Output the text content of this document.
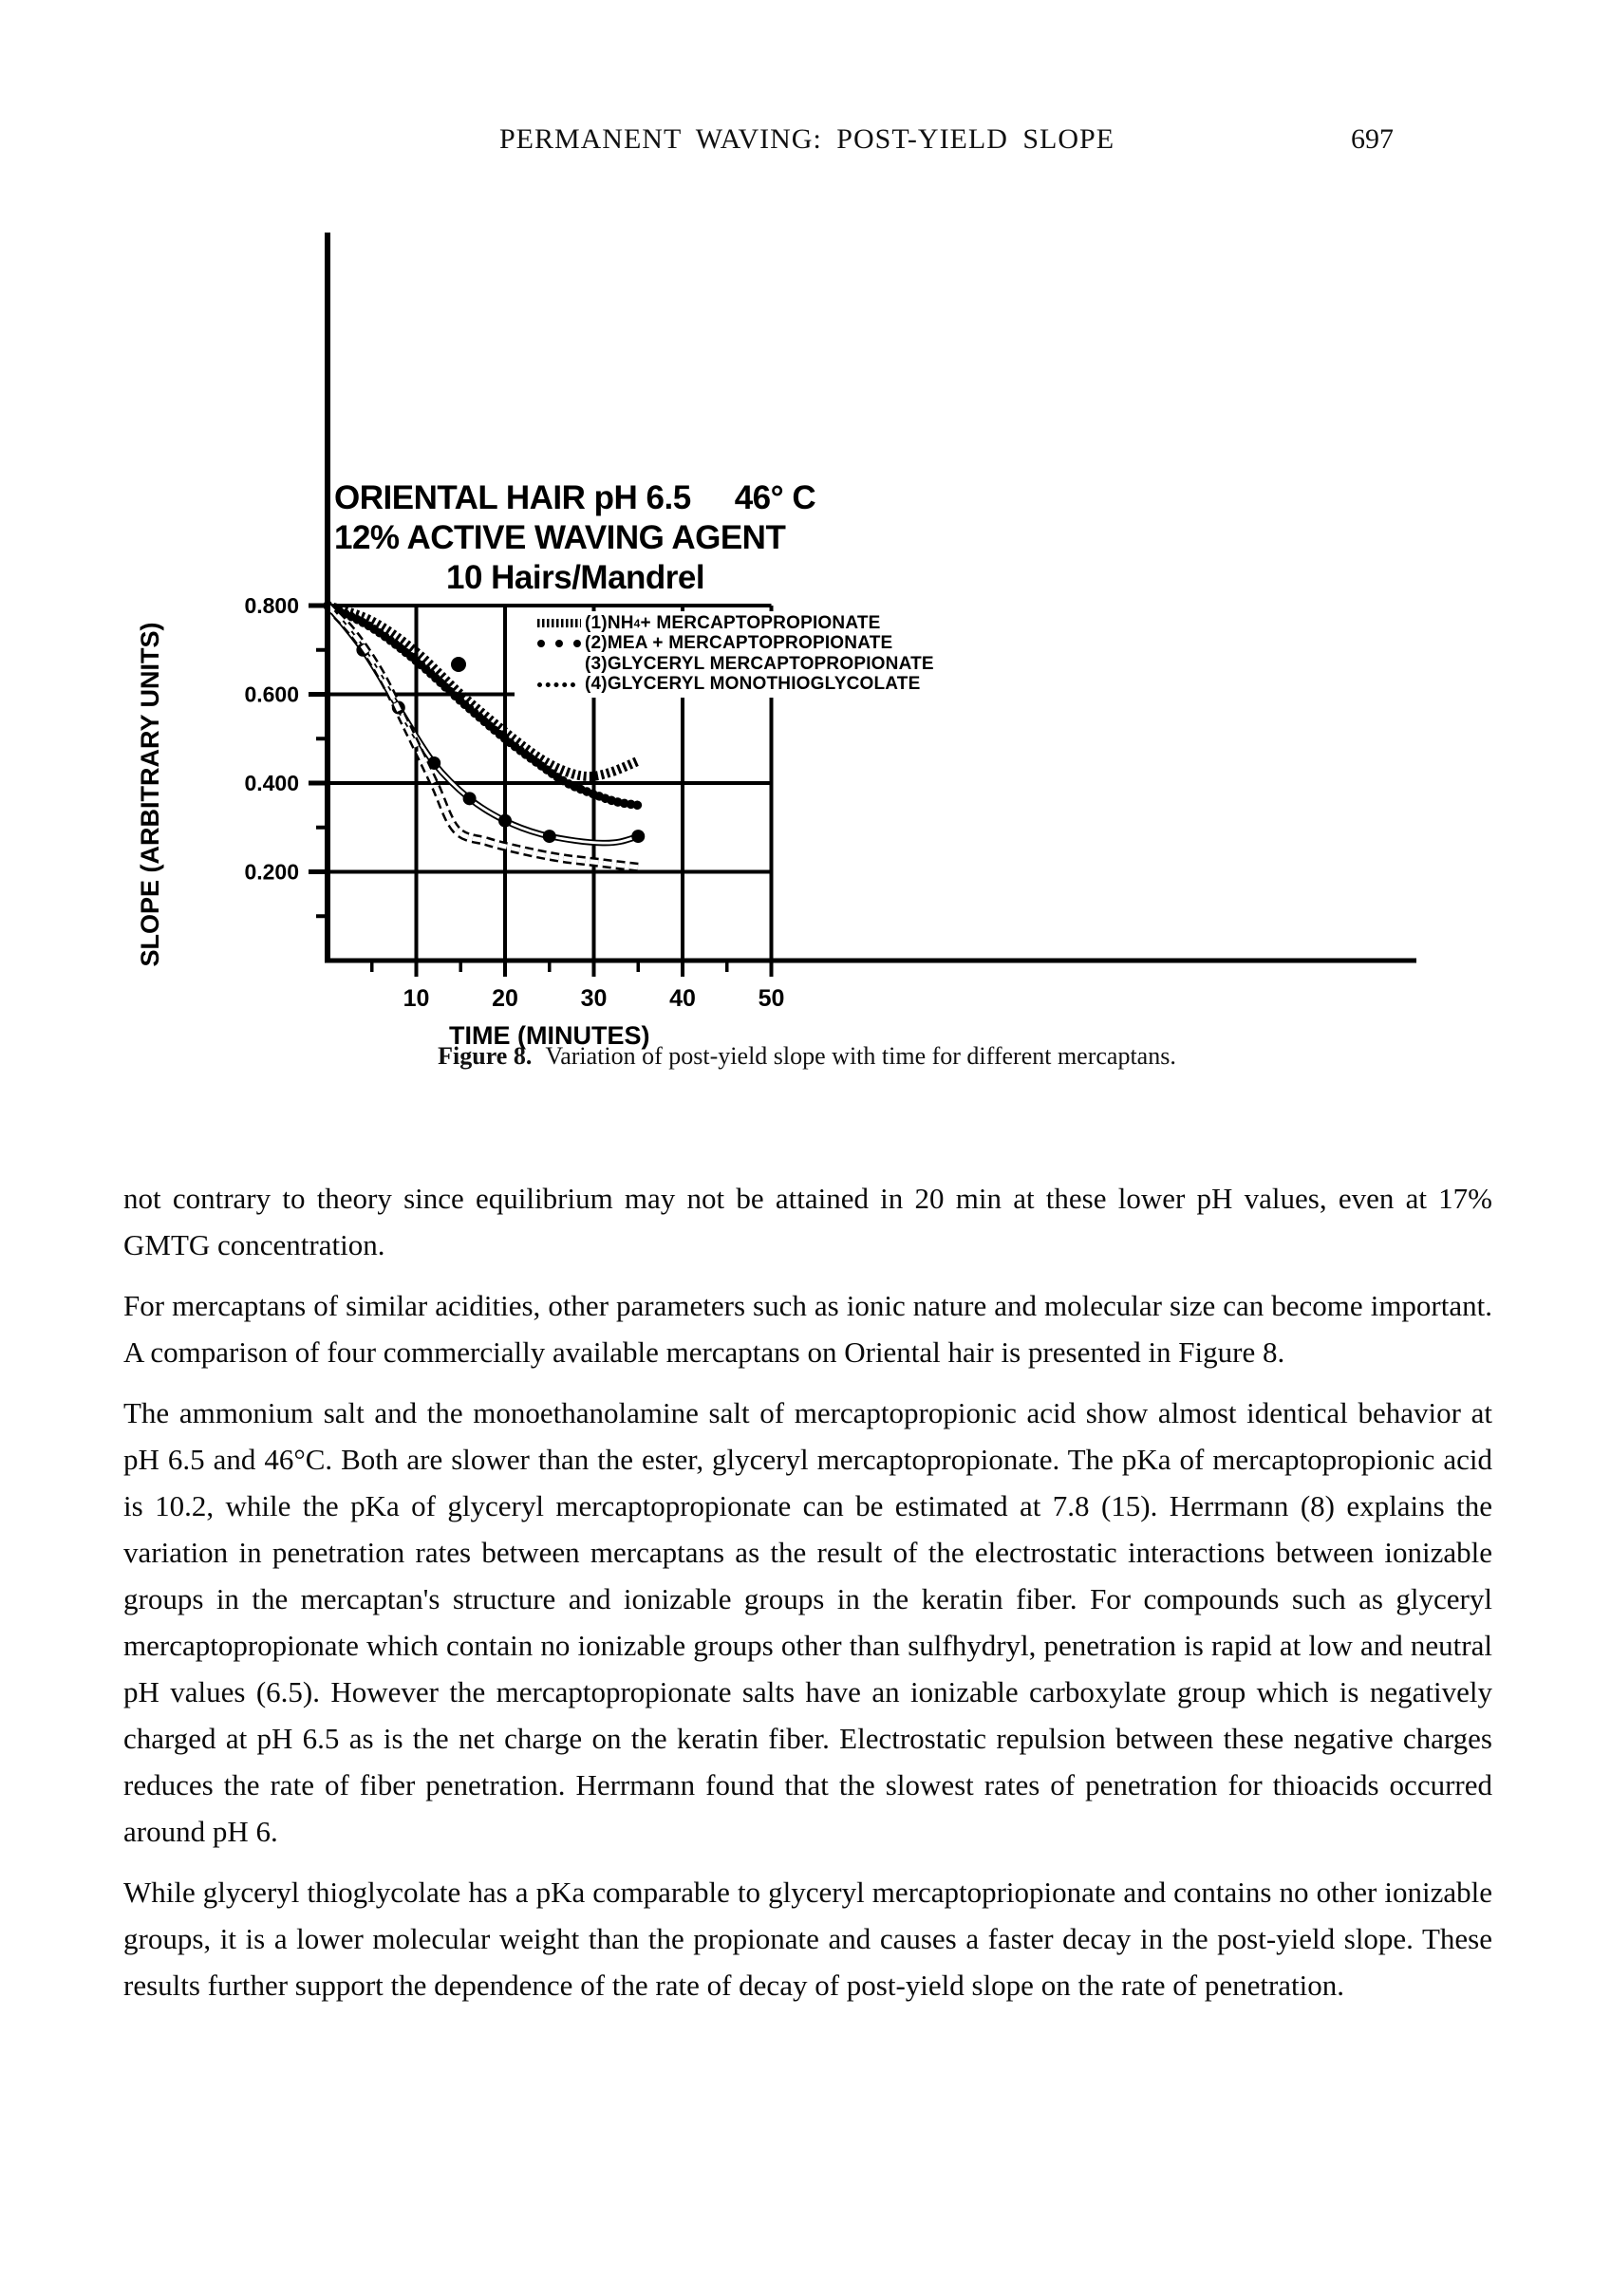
PERMANENT WAVING: POST-YIELD SLOPE	697
0.200
0.400
0.600
0.800
10	20	30	40	50
TIME (MINUTES)
SLOPE (ARBITRARY UNITS)
ORIENTAL HAIR pH 6.5 46° C
12% ACTIVE WAVING AGENT
10 Hairs/Mandrel
(1) NH 4 + MERCAPTOPROPIONATE
(2) MEA + MERCAPTOPROPIONATE
(3) GLYCERYL MERCAPTOPROPIONATE
(4) GLYCERYL MONOTHIOGLYCOLATE
Figure 8. Variation of post-yield slope with time for different mercaptans.

not contrary to theory since equilibrium may not be attained in 20 min at these lower pH values, even at 17% GMTG concentration.

For mercaptans of similar acidities, other parameters such as ionic nature and molecular size can become important. A comparison of four commercially available mercaptans on Oriental hair is presented in Figure 8.

The ammonium salt and the monoethanolamine salt of mercaptopropionic acid show almost identical behavior at pH 6.5 and 46°C. Both are slower than the ester, glyceryl mercaptopropionate. The pKa of mercaptopropionic acid is 10.2, while the pKa of glyceryl mercaptopropionate can be estimated at 7.8 (15). Herrmann (8) explains the variation in penetration rates between mercaptans as the result of the electrostatic interactions between ionizable groups in the mercaptan's structure and ionizable groups in the keratin fiber. For compounds such as glyceryl mercaptopropionate which contain no ionizable groups other than sulfhydryl, penetration is rapid at low and neutral pH values (6.5). However the mercaptopropionate salts have an ionizable carboxylate group which is negatively charged at pH 6.5 as is the net charge on the keratin fiber. Electrostatic repulsion between these negative charges reduces the rate of fiber penetration. Herrmann found that the slowest rates of penetration for thioacids occurred around pH 6.

While glyceryl thioglycolate has a pKa comparable to glyceryl mercaptopriopionate and contains no other ionizable groups, it is a lower molecular weight than the propionate and causes a faster decay in the post-yield slope. These results further support the dependence of the rate of decay of post-yield slope on the rate of penetration.
